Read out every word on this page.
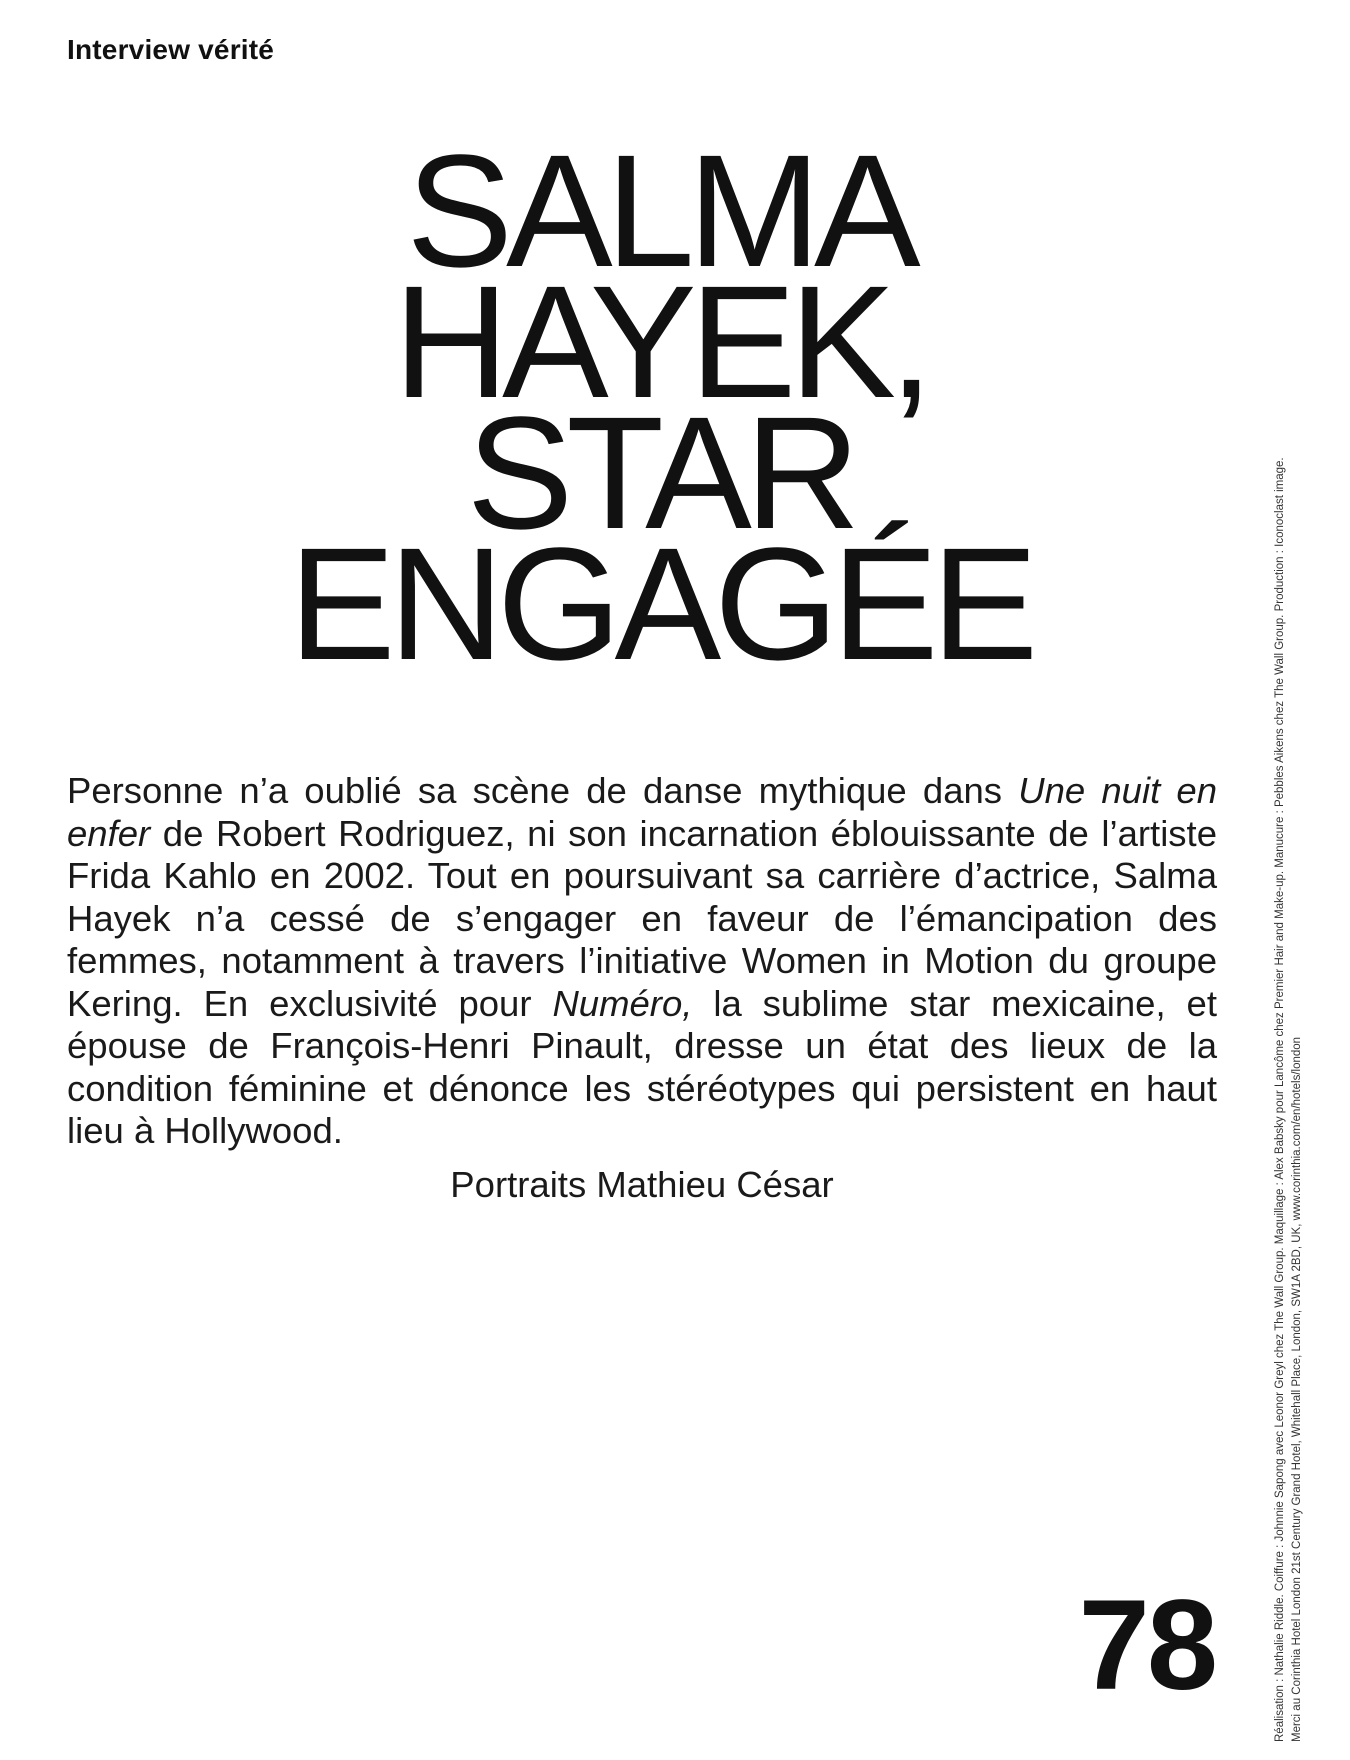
Interview vérité
SALMA
HAYEK,
STAR
ENGAGÉE

Personne n’a oublié sa scène de danse mythique dans Une nuit en enfer de Robert Rodriguez, ni son incarnation éblouissante de l’artiste Frida Kahlo en 2002. Tout en poursuivant sa carrière d’actrice, Salma Hayek n’a cessé de s’engager en faveur de l’émancipation des femmes, notamment à travers l’initiative Women in Motion du groupe Kering. En exclusivité pour Numéro, la sublime star mexicaine, et épouse de François-Henri Pinault, dresse un état des lieux de la condition féminine et dénonce les stéréotypes qui persistent en haut lieu à Hollywood.

Portraits Mathieu César
78	Réalisation : Nathalie Riddle. Coiffure : Johnnie Sapong avec Leonor Greyl chez The Wall Group. Maquillage : Alex Babsky pour Lancôme chez Premier Hair and Make-up. Manucure : Pebbles Aikens chez The Wall Group. Production : Iconoclast image. Merci au Corinthia Hotel London 21st Century Grand Hotel, Whitehall Place, London, SW1A 2BD, UK, www.corinthia.com/en/hotels/london
